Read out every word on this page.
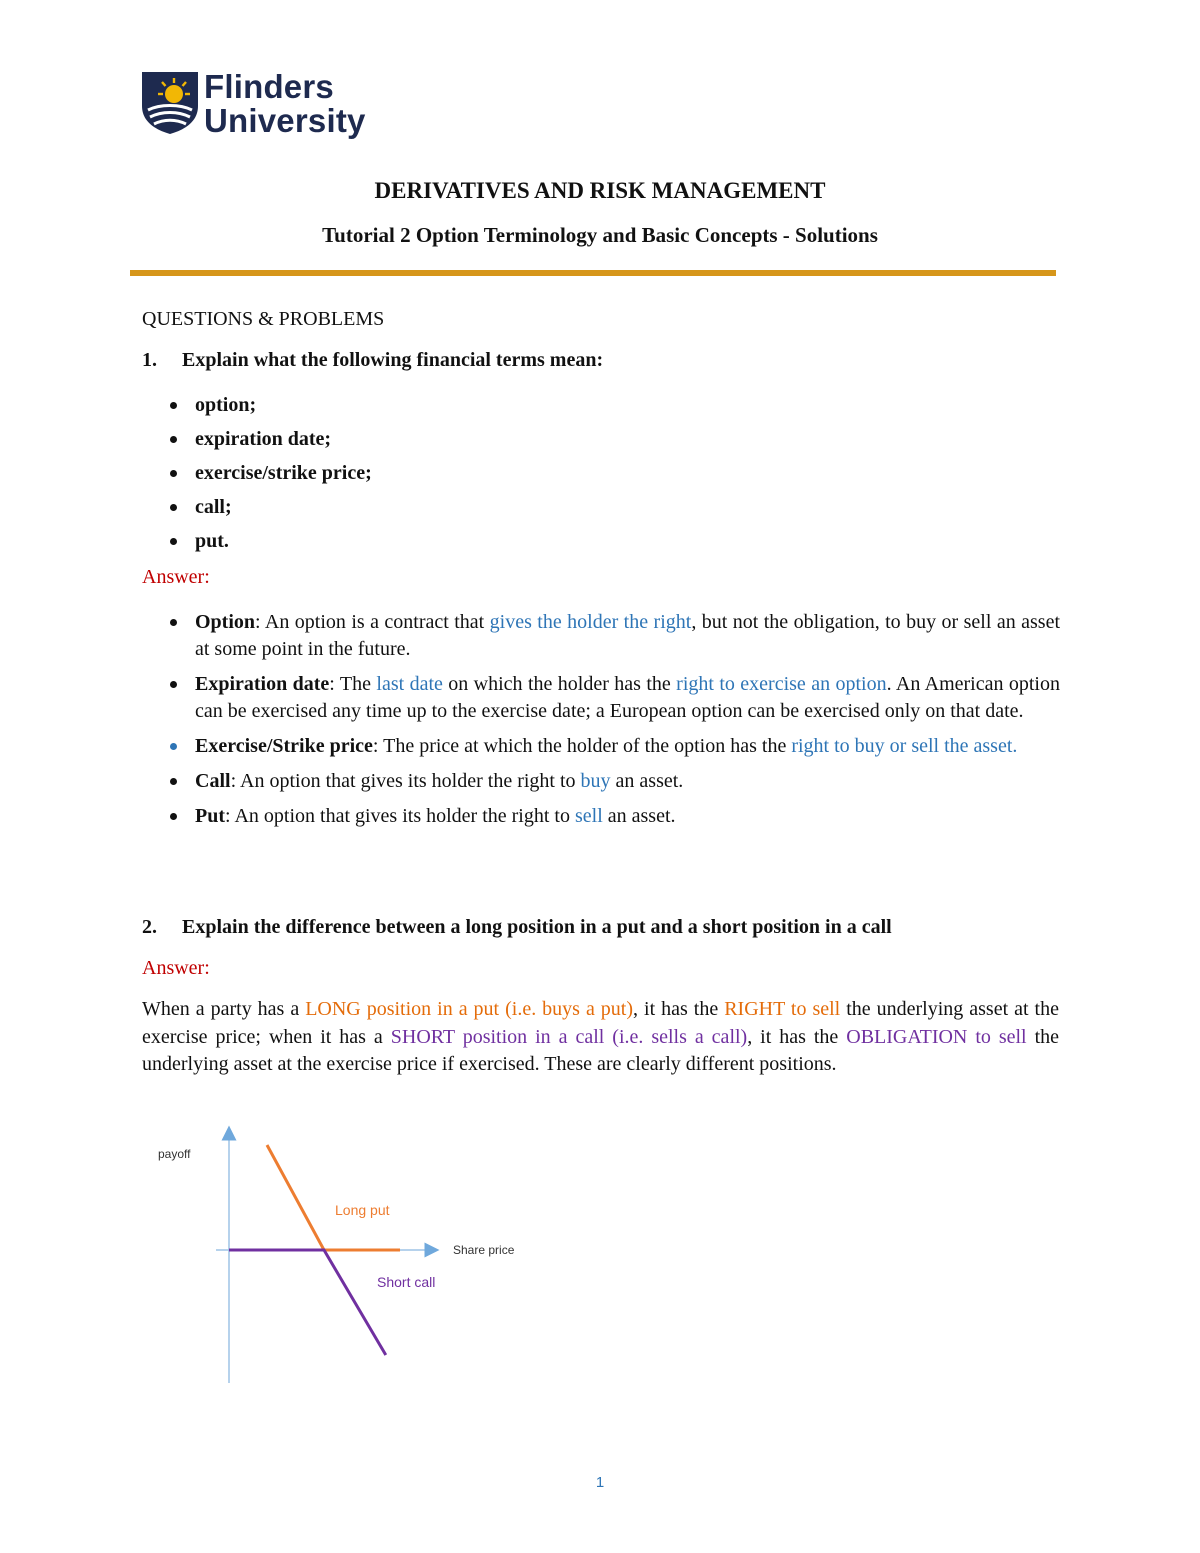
Flinders
University
DERIVATIVES AND RISK MANAGEMENT
Tutorial 2 Option Terminology and Basic Concepts - Solutions
QUESTIONS & PROBLEMS
1. Explain what the following financial terms mean:
option;
expiration date;
exercise/strike price;
call;
put.
Answer:
Option: An option is a contract that gives the holder the right, but not the obligation, to buy or sell an asset at some point in the future.
Expiration date: The last date on which the holder has the right to exercise an option. An American option can be exercised any time up to the exercise date; a European option can be exercised only on that date.
Exercise/Strike price: The price at which the holder of the option has the right to buy or sell the asset.
Call: An option that gives its holder the right to buy an asset.
Put: An option that gives its holder the right to sell an asset.
2. Explain the difference between a long position in a put and a short position in a call
Answer:

When a party has a LONG position in a put (i.e. buys a put), it has the RIGHT to sell the underlying asset at the exercise price; when it has a SHORT position in a call (i.e. sells a call), it has the OBLIGATION to sell the underlying asset at the exercise price if exercised. These are clearly different positions.

payoff
Share price
Long put
Short call
1
